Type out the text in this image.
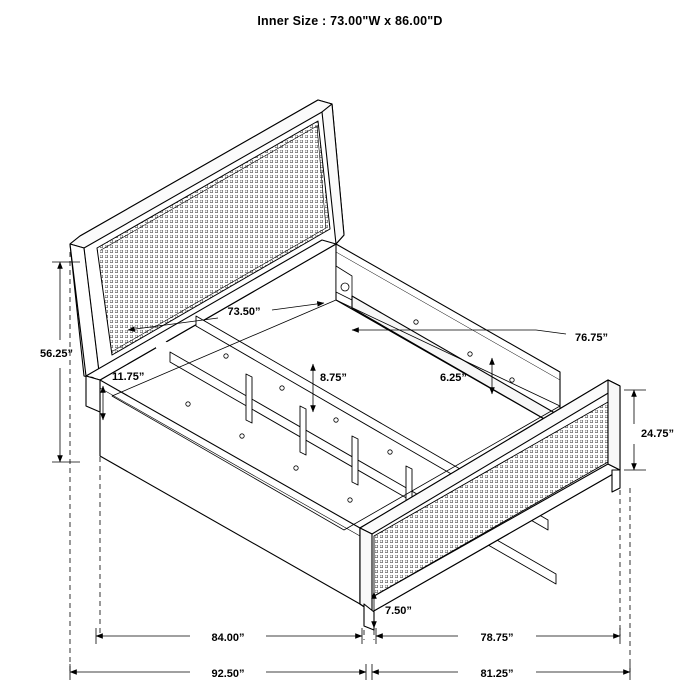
Inner Size : 73.00"W x 86.00"D
56.25”
73.50”
76.75”
11.75”	8.75”	6.25”
24.75”
7.50”
84.00”	78.75”
92.50”	81.25”
